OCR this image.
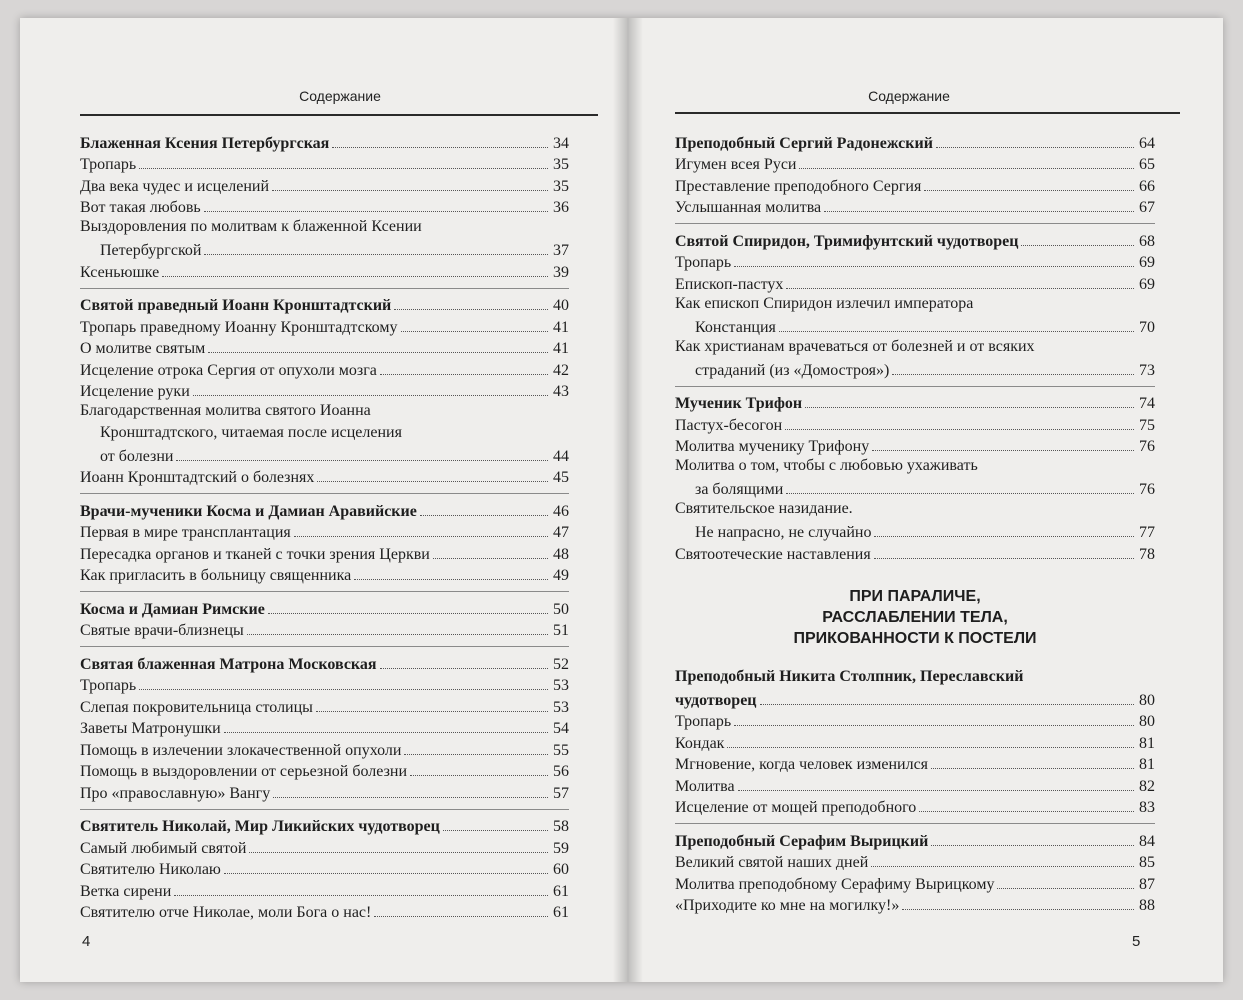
Содержание
Блаженная Ксения Петербургская	34
Тропарь	35
Два века чудес и исцелений	35
Вот такая любовь	36
Выздоровления по молитвам к блаженной Ксении
Петербургской	37
Ксеньюшке	39
Святой праведный Иоанн Кронштадтский	40
Тропарь праведному Иоанну Кронштадтскому	41
О молитве святым	41
Исцеление отрока Сергия от опухоли мозга	42
Исцеление руки	43
Благодарственная молитва святого Иоанна
Кронштадтского, читаемая после исцеления
от болезни	44
Иоанн Кронштадтский о болезнях	45
Врачи-мученики Косма и Дамиан Аравийские	46
Первая в мире трансплантация	47
Пересадка органов и тканей с точки зрения Церкви	48
Как пригласить в больницу священника	49
Косма и Дамиан Римские	50
Святые врачи-близнецы	51
Святая блаженная Матрона Московская	52
Тропарь	53
Слепая покровительница столицы	53
Заветы Матронушки	54
Помощь в излечении злокачественной опухоли	55
Помощь в выздоровлении от серьезной болезни	56
Про «православную» Вангу	57
Святитель Николай, Мир Ликийских чудотворец	58
Самый любимый святой	59
Святителю Николаю	60
Ветка сирени	61
Святителю отче Николае, моли Бога о нас!	61
4
Содержание
Преподобный Сергий Радонежский	64
Игумен всея Руси	65
Преставление преподобного Сергия	66
Услышанная молитва	67
Святой Спиридон, Тримифунтский чудотворец	68
Тропарь	69
Епископ-пастух	69
Как епископ Спиридон излечил императора
Констанция	70
Как христианам врачеваться от болезней и от всяких
страданий (из «Домостроя»)	73
Мученик Трифон	74
Пастух-бесогон	75
Молитва мученику Трифону	76
Молитва о том, чтобы с любовью ухаживать
за болящими	76
Святительское назидание.
Не напрасно, не случайно	77
Святоотеческие наставления	78
ПРИ ПАРАЛИЧЕ,
РАССЛАБЛЕНИИ ТЕЛА,
ПРИКОВАННОСТИ К ПОСТЕЛИ
Преподобный Никита Столпник, Переславский
чудотворец	80
Тропарь	80
Кондак	81
Мгновение, когда человек изменился	81
Молитва	82
Исцеление от мощей преподобного	83
Преподобный Серафим Вырицкий	84
Великий святой наших дней	85
Молитва преподобному Серафиму Вырицкому	87
«Приходите ко мне на могилку!»	88
5
